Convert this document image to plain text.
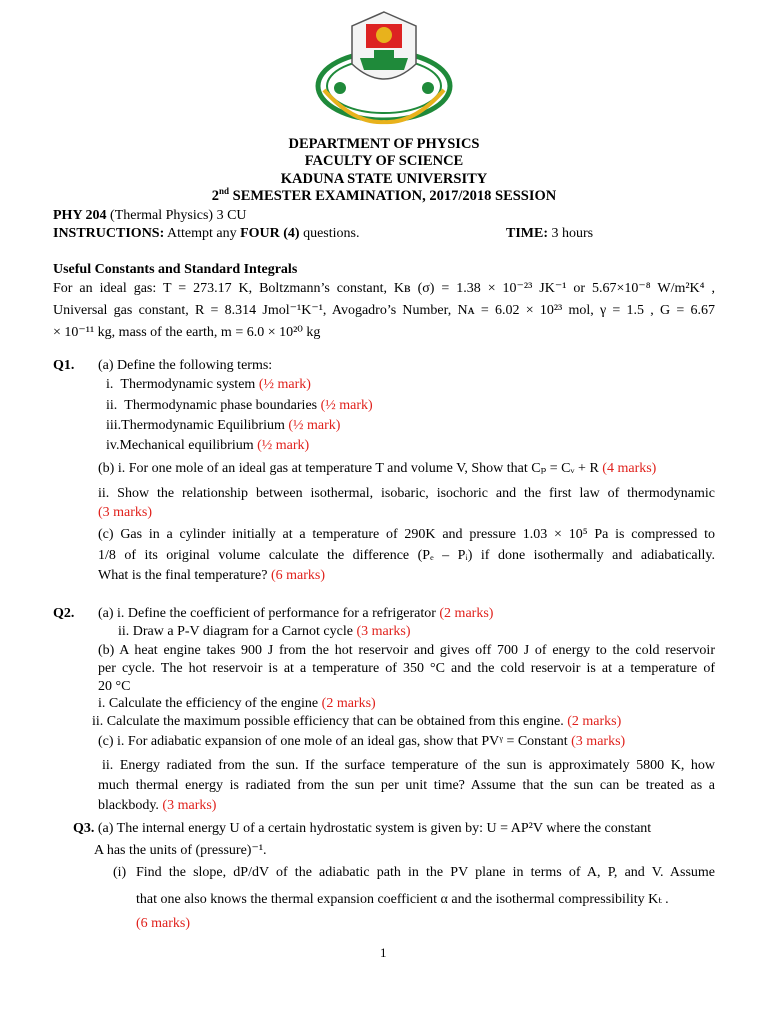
DEPARTMENT OF PHYSICS
FACULTY OF SCIENCE
KADUNA STATE UNIVERSITY
2nd SEMESTER EXAMINATION, 2017/2018 SESSION
PHY 204 (Thermal Physics) 3 CU
INSTRUCTIONS: Attempt any FOUR (4) questions.	TIME: 3 hours
Useful Constants and Standard Integrals
For an ideal gas: T = 273.17 K, Boltzmann’s constant, Kʙ (σ) = 1.38 × 10⁻²³ JK⁻¹ or 5.67×10⁻⁸ W/m²K⁴ ,
Universal gas constant, R = 8.314 Jmol⁻¹K⁻¹, Avogadro’s Number, Nᴀ = 6.02 × 10²³ mol, γ = 1.5 , G = 6.67
× 10⁻¹¹ kg, mass of the earth, m = 6.0 × 10²⁰ kg
Q1. (a) Define the following terms:
i. Thermodynamic system (½ mark)
ii. Thermodynamic phase boundaries (½ mark)
iii.Thermodynamic Equilibrium (½ mark)
iv.Mechanical equilibrium (½ mark)
(b) i. For one mole of an ideal gas at temperature T and volume V, Show that Cₚ = Cᵥ + R (4 marks)
ii. Show the relationship between isothermal, isobaric, isochoric and the first law of thermodynamic
(3 marks)
(c) Gas in a cylinder initially at a temperature of 290K and pressure 1.03 × 10⁵ Pa is compressed to
1/8 of its original volume calculate the difference (Pₑ – Pᵢ) if done isothermally and adiabatically.
What is the final temperature? (6 marks)
Q2. (a) i. Define the coefficient of performance for a refrigerator (2 marks)
ii. Draw a P-V diagram for a Carnot cycle (3 marks)
(b) A heat engine takes 900 J from the hot reservoir and gives off 700 J of energy to the cold reservoir
per cycle. The hot reservoir is at a temperature of 350 °C and the cold reservoir is at a temperature of
20 °C
i. Calculate the efficiency of the engine (2 marks)
ii. Calculate the maximum possible efficiency that can be obtained from this engine. (2 marks)
(c) i. For adiabatic expansion of one mole of an ideal gas, show that PVᵞ = Constant (3 marks)
ii. Energy radiated from the sun. If the surface temperature of the sun is approximately 5800 K, how
much thermal energy is radiated from the sun per unit time? Assume that the sun can be treated as a
blackbody. (3 marks)
Q3. (a) The internal energy U of a certain hydrostatic system is given by: U = AP²V where the constant
A has the units of (pressure)⁻¹.
(i) Find the slope, dP/dV of the adiabatic path in the PV plane in terms of A, P, and V. Assume
that one also knows the thermal expansion coefficient α and the isothermal compressibility Kₜ .
(6 marks)
1
